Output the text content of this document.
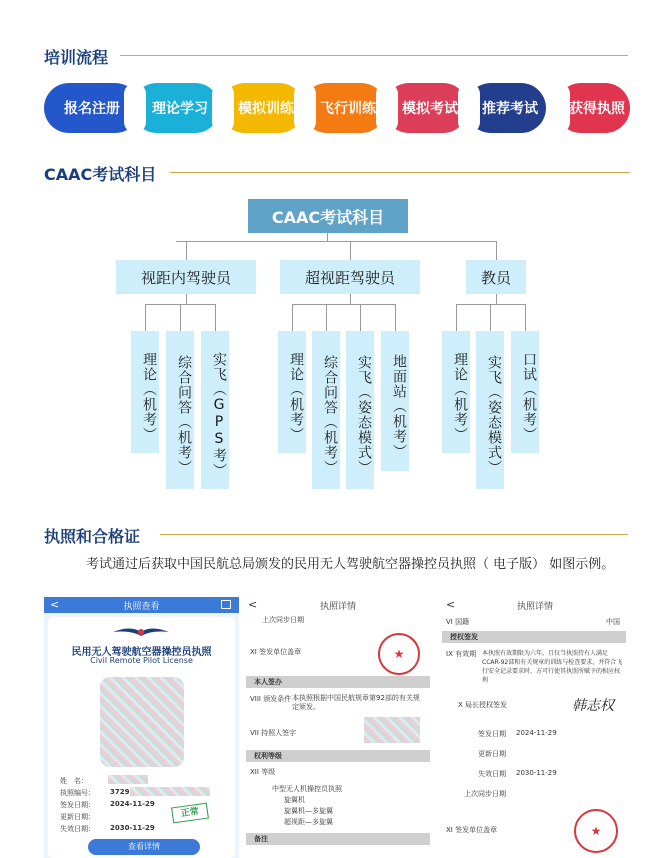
培训流程
报名注册	理论学习	模拟训练	飞行训练	模拟考试	推荐考试	获得执照
CAAC考试科目
CAAC考试科目
视距内驾驶员
理论（机考）	综合问答（机考）	实飞（GPS考）
超视距驾驶员
理论（机考）	综合问答（机考）	实飞（姿态模式）	地面站（机考）
教员
理论（机考）	实飞（姿态模式）	口试（机考）
执照和合格证
考试通过后获取中国民航总局颁发的民用无人驾驶航空器操控员执照（ 电子版） 如图示例。
<	执照查看
民用无人驾驶航空器操控员执照
Civil Remote Pilot License
姓　名：
执照编号： 3729
签发日期： 2024-11-29
更新日期：
失效日期： 2030-11-29
正常
查看详情
<	执照详情
上次同步日期
XI 签发单位盖章	★
本人签办
VIII 颁发条件 本执照根据中国民航规章第92部的有关规定颁发。
VII 持照人签字
权利等级
XII 等级
备注
中型无人机操控员执照
旋翼机
旋翼机—多旋翼
超视距—多旋翼
<	执照详情
VI 国籍	中国
授权签发
IX 有效期 本执照有效期限为六年。且仅当执照持有人满足CCAR-92部和有关规章的训练与检查要求，并符合飞行安全记录要求时，方可行使其执照所赋予的相应权利
X 局长授权签发	韩志权
签发日期 2024-11-29
更新日期
失效日期 2030-11-29
上次同步日期
XI 签发单位盖章	★
